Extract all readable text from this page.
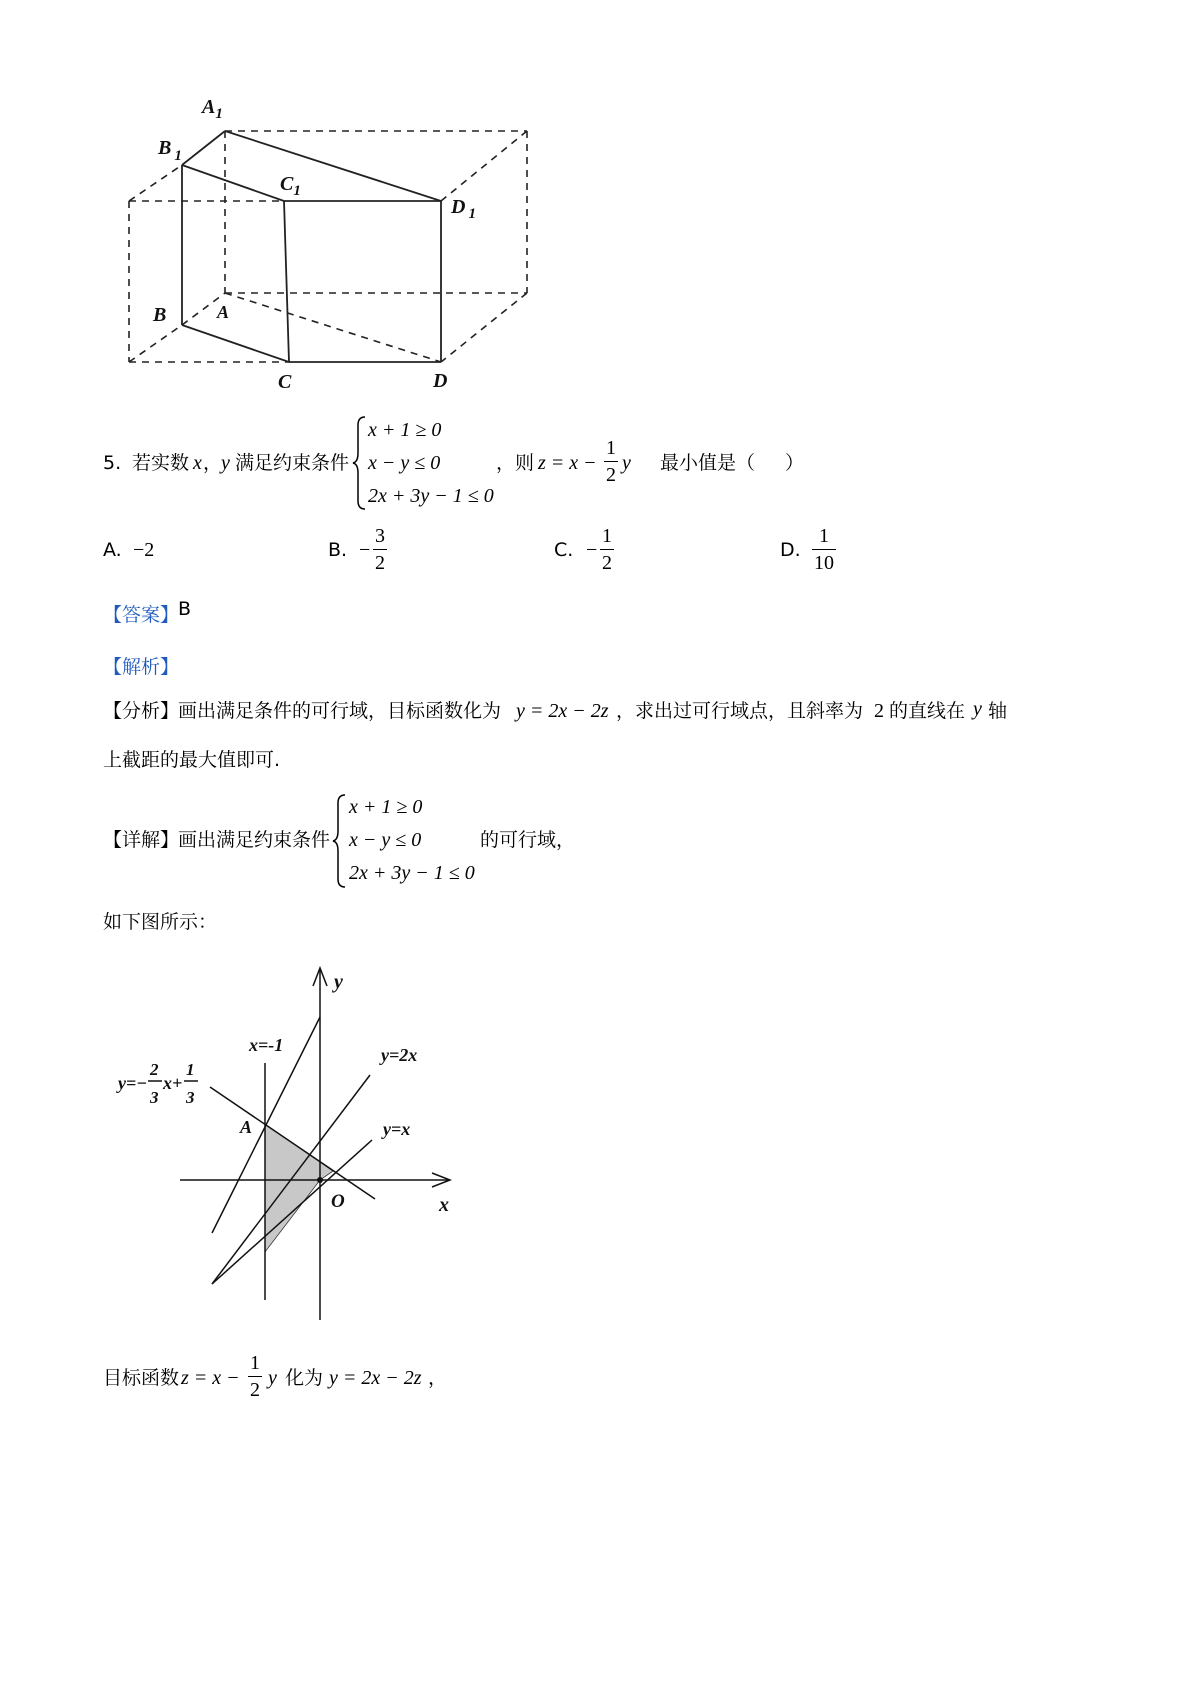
$A_1$
B $_1$
$C_1$
D $_1$
B	A
C	D
5. 若实数 x ，
y 满足约束条件
x + 1 ≥ 0
x − y ≤ 0
2x + 3y − 1 ≤ 0
，则 z = x −
1
2
y 最小值是（ ）
A. −2	B. −
3
2
C. −
1
2
D.
1
10
【答案】
B
【解析】
【分析】
画出满足条件的可行域，目标函数化为 y = 2x − 2z ，求出过可行域点，且斜率为 2 的直线在 y 轴
上截距的最大值即可.
【详解】
画出满足约束条件
x + 1 ≥ 0
x − y ≤ 0
2x + 3y − 1 ≤ 0
的可行域，
如下图所示：
y
x
O
A
x=-1	y=2x
y=x
y=−
2
3
x+
1
3
目标函数 z = x −
1
2
y 化为 y = 2x − 2z ，
